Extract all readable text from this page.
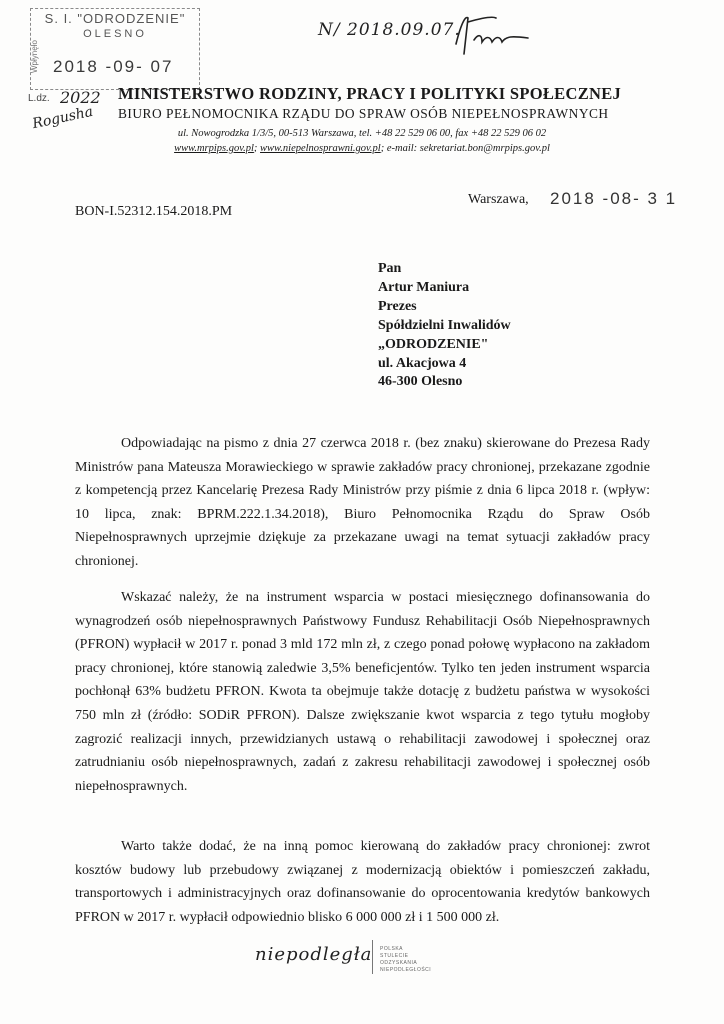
S. I. "ODRODZENIE"
OLESNO
Wpłynęło 2018 -09- 07
L.dz. 2022
Rogusha
N/ 2018.09.07.
MINISTERSTWO RODZINY, PRACY I POLITYKI SPOŁECZNEJ
BIURO PEŁNOMOCNIKA RZĄDU DO SPRAW OSÓB NIEPEŁNOSPRAWNYCH
ul. Nowogrodzka 1/3/5, 00-513 Warszawa, tel. +48 22 529 06 00, fax +48 22 529 06 02
www.mrpips.gov.pl; www.niepelnosprawni.gov.pl; e-mail: sekretariat.bon@mrpips.gov.pl
Warszawa, 2018 -08- 3 1
BON-I.52312.154.2018.PM
Pan
Artur Maniura
Prezes
Spółdzielni Inwalidów
„ODRODZENIE"
ul. Akacjowa 4
46-300 Olesno
Odpowiadając na pismo z dnia 27 czerwca 2018 r. (bez znaku) skierowane do Prezesa Rady Ministrów pana Mateusza Morawieckiego w sprawie zakładów pracy chronionej, przekazane zgodnie z kompetencją przez Kancelarię Prezesa Rady Ministrów przy piśmie z dnia 6 lipca 2018 r. (wpływ: 10 lipca, znak: BPRM.222.1.34.2018), Biuro Pełnomocnika Rządu do Spraw Osób Niepełnosprawnych uprzejmie dziękuje za przekazane uwagi na temat sytuacji zakładów pracy chronionej.
Wskazać należy, że na instrument wsparcia w postaci miesięcznego dofinansowania do wynagrodzeń osób niepełnosprawnych Państwowy Fundusz Rehabilitacji Osób Niepełnosprawnych (PFRON) wypłacił w 2017 r. ponad 3 mld 172 mln zł, z czego ponad połowę wypłacono na zakładom pracy chronionej, które stanowią zaledwie 3,5% beneficjentów. Tylko ten jeden instrument wsparcia pochłonął 63% budżetu PFRON. Kwota ta obejmuje także dotację z budżetu państwa w wysokości 750 mln zł (źródło: SODiR PFRON). Dalsze zwiększanie kwot wsparcia z tego tytułu mogłoby zagrozić realizacji innych, przewidzianych ustawą o rehabilitacji zawodowej i społecznej oraz zatrudnianiu osób niepełnosprawnych, zadań z zakresu rehabilitacji zawodowej i społecznej osób niepełnosprawnych.
Warto także dodać, że na inną pomoc kierowaną do zakładów pracy chronionej: zwrot kosztów budowy lub przebudowy związanej z modernizacją obiektów i pomieszczeń zakładu, transportowych i administracyjnych oraz dofinansowanie do oprocentowania kredytów bankowych PFRON w 2017 r. wypłacił odpowiednio blisko 6 000 000 zł i 1 500 000 zł.
niepodległa POLSKA STULECIE ODZYSKANIA NIEPODLEGŁOŚCI
